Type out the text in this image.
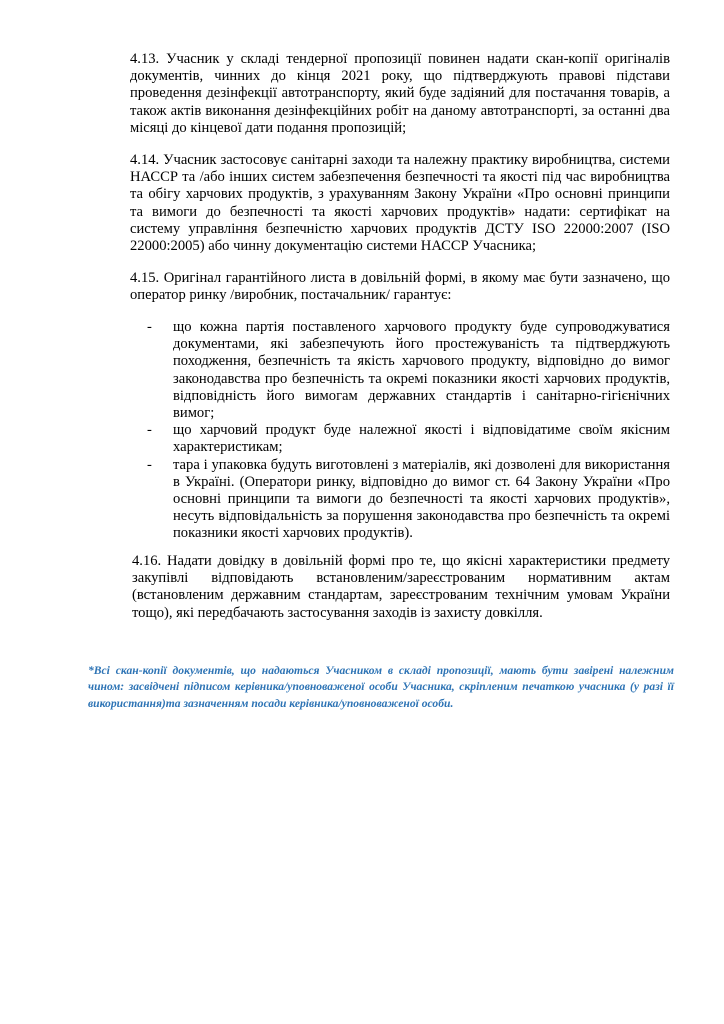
4.13. Учасник у складі тендерної пропозиції повинен надати скан-копії оригіналів документів, чинних до кінця 2021 року, що підтверджують правові підстави проведення дезінфекції автотранспорту, який буде задіяний для постачання товарів, а також актів виконання дезінфекційних робіт на даному автотранспорті, за останні два місяці до кінцевої дати подання пропозицій;

4.14. Учасник застосовує санітарні заходи та належну практику виробництва, системи НАССР та /або інших систем забезпечення безпечності та якості під час виробництва та обігу харчових продуктів, з урахуванням Закону України «Про основні принципи та вимоги до безпечності та якості харчових продуктів» надати: сертифікат на систему управління безпечністю харчових продуктів ДСТУ ISO 22000:2007 (ISO 22000:2005) або чинну документацію системи НАССР Учасника;

4.15. Оригінал гарантійного листа в довільній формі, в якому має бути зазначено, що оператор ринку /виробник, постачальник/ гарантує:

-	що кожна партія поставленого харчового продукту буде супроводжуватися документами, які забезпечують його простежуваність та підтверджують походження, безпечність та якість харчового продукту, відповідно до вимог законодавства про безпечність та окремі показники якості харчових продуктів, відповідність його вимогам державних стандартів і санітарно-гігієнічних вимог;
-	що харчовий продукт буде належної якості і відповідатиме своїм якісним характеристикам;
-	тара і упаковка будуть виготовлені з матеріалів, які дозволені для використання в Україні. (Оператори ринку, відповідно до вимог ст. 64 Закону України «Про основні принципи та вимоги до безпечності та якості харчових продуктів», несуть відповідальність за порушення законодавства про безпечність та окремі показники якості харчових продуктів).

4.16. Надати довідку в довільній формі про те, що якісні характеристики предмету закупівлі відповідають встановленим/зареєстрованим нормативним актам (встановленим державним стандартам, зареєстрованим технічним умовам України тощо), які передбачають застосування заходів із захисту довкілля.

*Всі скан-копії документів, що надаються Учасником в складі пропозиції, мають бути завірені належним чином: засвідчені підписом керівника/уповноваженої особи Учасника, скріпленим печаткою учасника (у разі її використання)та зазначенням посади керівника/уповноваженої особи.
